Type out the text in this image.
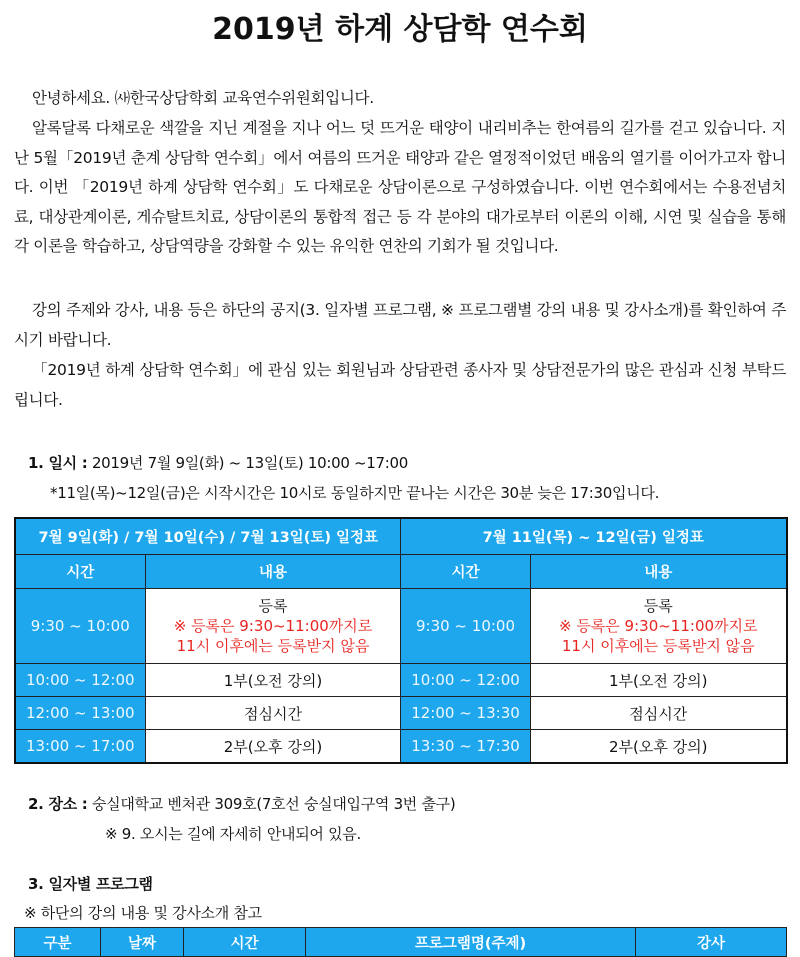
2019년 하계 상담학 연수회
안녕하세요. ㈔한국상담학회 교육연수위원회입니다.
알록달록 다채로운 색깔을 지닌 계절을 지나 어느 덧 뜨거운 태양이 내리비추는 한여름의 길가를 걷고 있습니다. 지난 5월「2019년 춘계 상담학 연수회」에서 여름의 뜨거운 태양과 같은 열정적이었던 배움의 열기를 이어가고자 합니다. 이번 「2019년 하계 상담학 연수회」도 다채로운 상담이론으로 구성하였습니다. 이번 연수회에서는 수용전념치료, 대상관계이론, 게슈탈트치료, 상담이론의 통합적 접근 등 각 분야의 대가로부터 이론의 이해, 시연 및 실습을 통해 각 이론을 학습하고, 상담역량을 강화할 수 있는 유익한 연찬의 기회가 될 것입니다.
강의 주제와 강사, 내용 등은 하단의 공지(3. 일자별 프로그램, ※ 프로그램별 강의 내용 및 강사소개)를 확인하여 주시기 바랍니다.
「2019년 하계 상담학 연수회」에 관심 있는 회원님과 상담관련 종사자 및 상담전문가의 많은 관심과 신청 부탁드립니다.
1. 일시 : 2019년 7월 9일(화) ~ 13일(토) 10:00 ~17:00
*11일(목)~12일(금)은 시작시간은 10시로 동일하지만 끝나는 시간은 30분 늦은 17:30입니다.
7월 9일(화) / 7월 10일(수) / 7월 13일(토) 일정표	
시간	내용
9:30 ~ 10:00	등록
※ 등록은 9:30~11:00까지로
11시 이후에는 등록받지 않음

10:00 ~ 12:00	1부(오전 강의)
12:00 ~ 13:00	점심시간
13:00 ~ 17:00	2부(오후 강의)
7월 11일(목) ~ 12일(금) 일정표	
시간	내용
9:30 ~ 10:00	등록
※ 등록은 9:30~11:00까지로
11시 이후에는 등록받지 않음

10:00 ~ 12:00	1부(오전 강의)
12:00 ~ 13:30	점심시간
13:30 ~ 17:30	2부(오후 강의)
2. 장소 : 숭실대학교 벤처관 309호(7호선 숭실대입구역 3번 출구)
※ 9. 오시는 길에 자세히 안내되어 있음.
3. 일자별 프로그램
※ 하단의 강의 내용 및 강사소개 참고
구분	날짜	시간	프로그램명(주제)	강사
